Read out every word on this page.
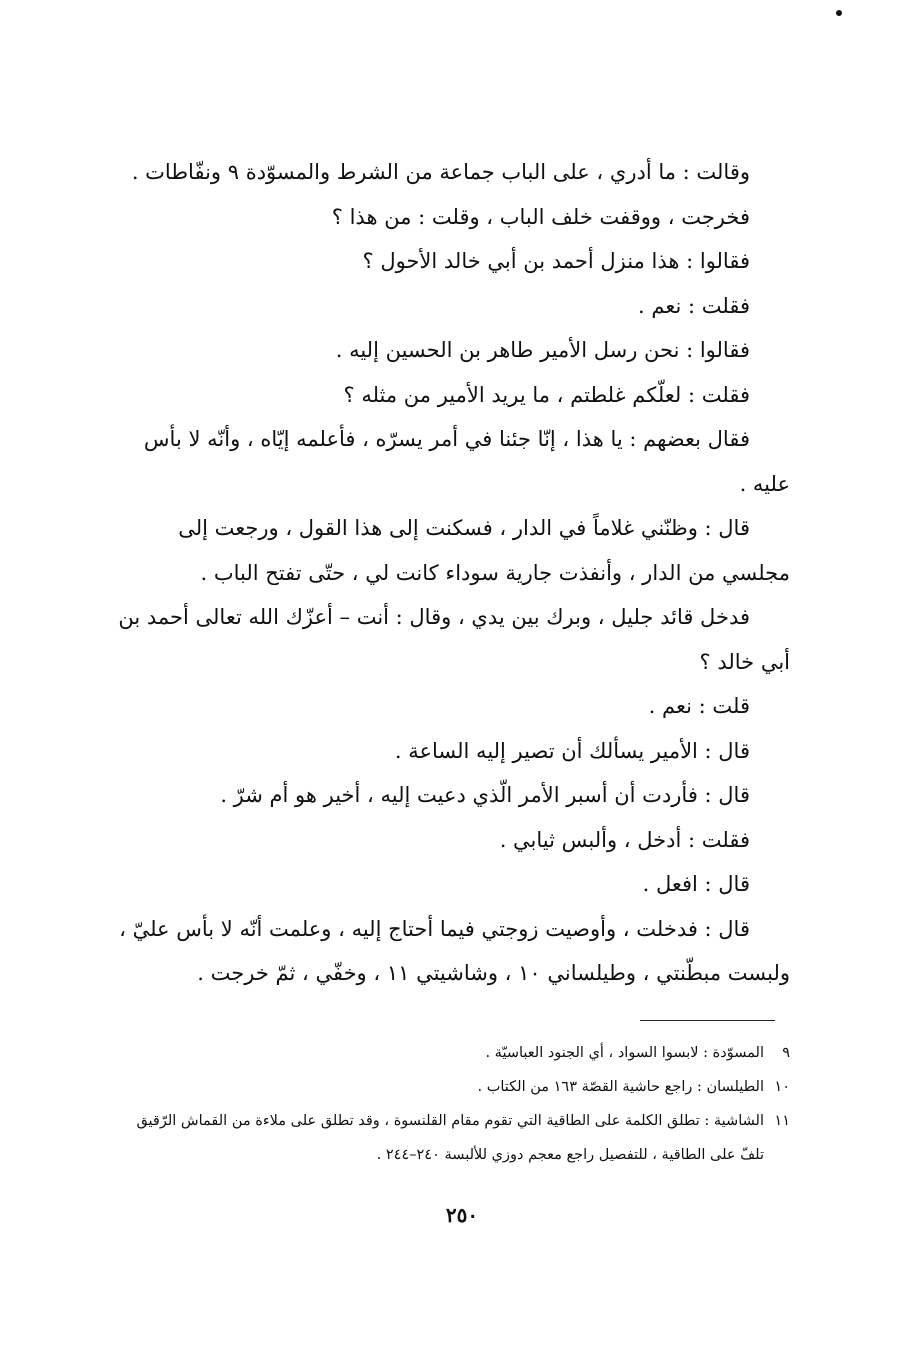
وقالت : ما أدري ، على الباب جماعة من الشرط والمسوّدة ٩ ونفّاطات .

فخرجت ، ووقفت خلف الباب ، وقلت : من هذا ؟

فقالوا : هذا منزل أحمد بن أبي خالد الأحول ؟

فقلت : نعم .

فقالوا : نحن رسل الأمير طاهر بن الحسين إليه .

فقلت : لعلّكم غلطتم ، ما يريد الأمير من مثله ؟

فقال بعضهم : يا هذا ، إنّا جئنا في أمر يسرّه ، فأعلمه إيّاه ، وأنّه لا بأس عليه .

قال : وظنّني غلاماً في الدار ، فسكنت إلى هذا القول ، ورجعت إلى مجلسي من الدار ، وأنفذت جارية سوداء كانت لي ، حتّى تفتح الباب .

فدخل قائد جليل ، وبرك بين يدي ، وقال : أنت – أعزّك الله تعالى أحمد بن أبي خالد ؟

قلت : نعم .

قال : الأمير يسألك أن تصير إليه الساعة .

قال : فأردت أن أسبر الأمر الّذي دعيت إليه ، أخير هو أم شرّ .

فقلت : أدخل ، وألبس ثيابي .

قال : افعل .

قال : فدخلت ، وأوصيت زوجتي فيما أحتاج إليه ، وعلمت أنّه لا بأس عليّ ، ولبست مبطّنتي ، وطيلساني ١٠ ، وشاشيتي ١١ ، وخفّي ، ثمّ خرجت .

٩المسوّدة : لابسوا السواد ، أي الجنود العباسيّة .

١٠الطيلسان : راجع حاشية القصّة ١٦٣ من الكتاب .

١١الشاشية : تطلق الكلمة على الطاقية التي تقوم مقام القلنسوة ، وقد تطلق على ملاءة من القماش الرّقيق

تلفّ على الطاقية ، للتفصيل راجع معجم دوزي للألبسة ٢٤٠–٢٤٤ .

٢٥٠
